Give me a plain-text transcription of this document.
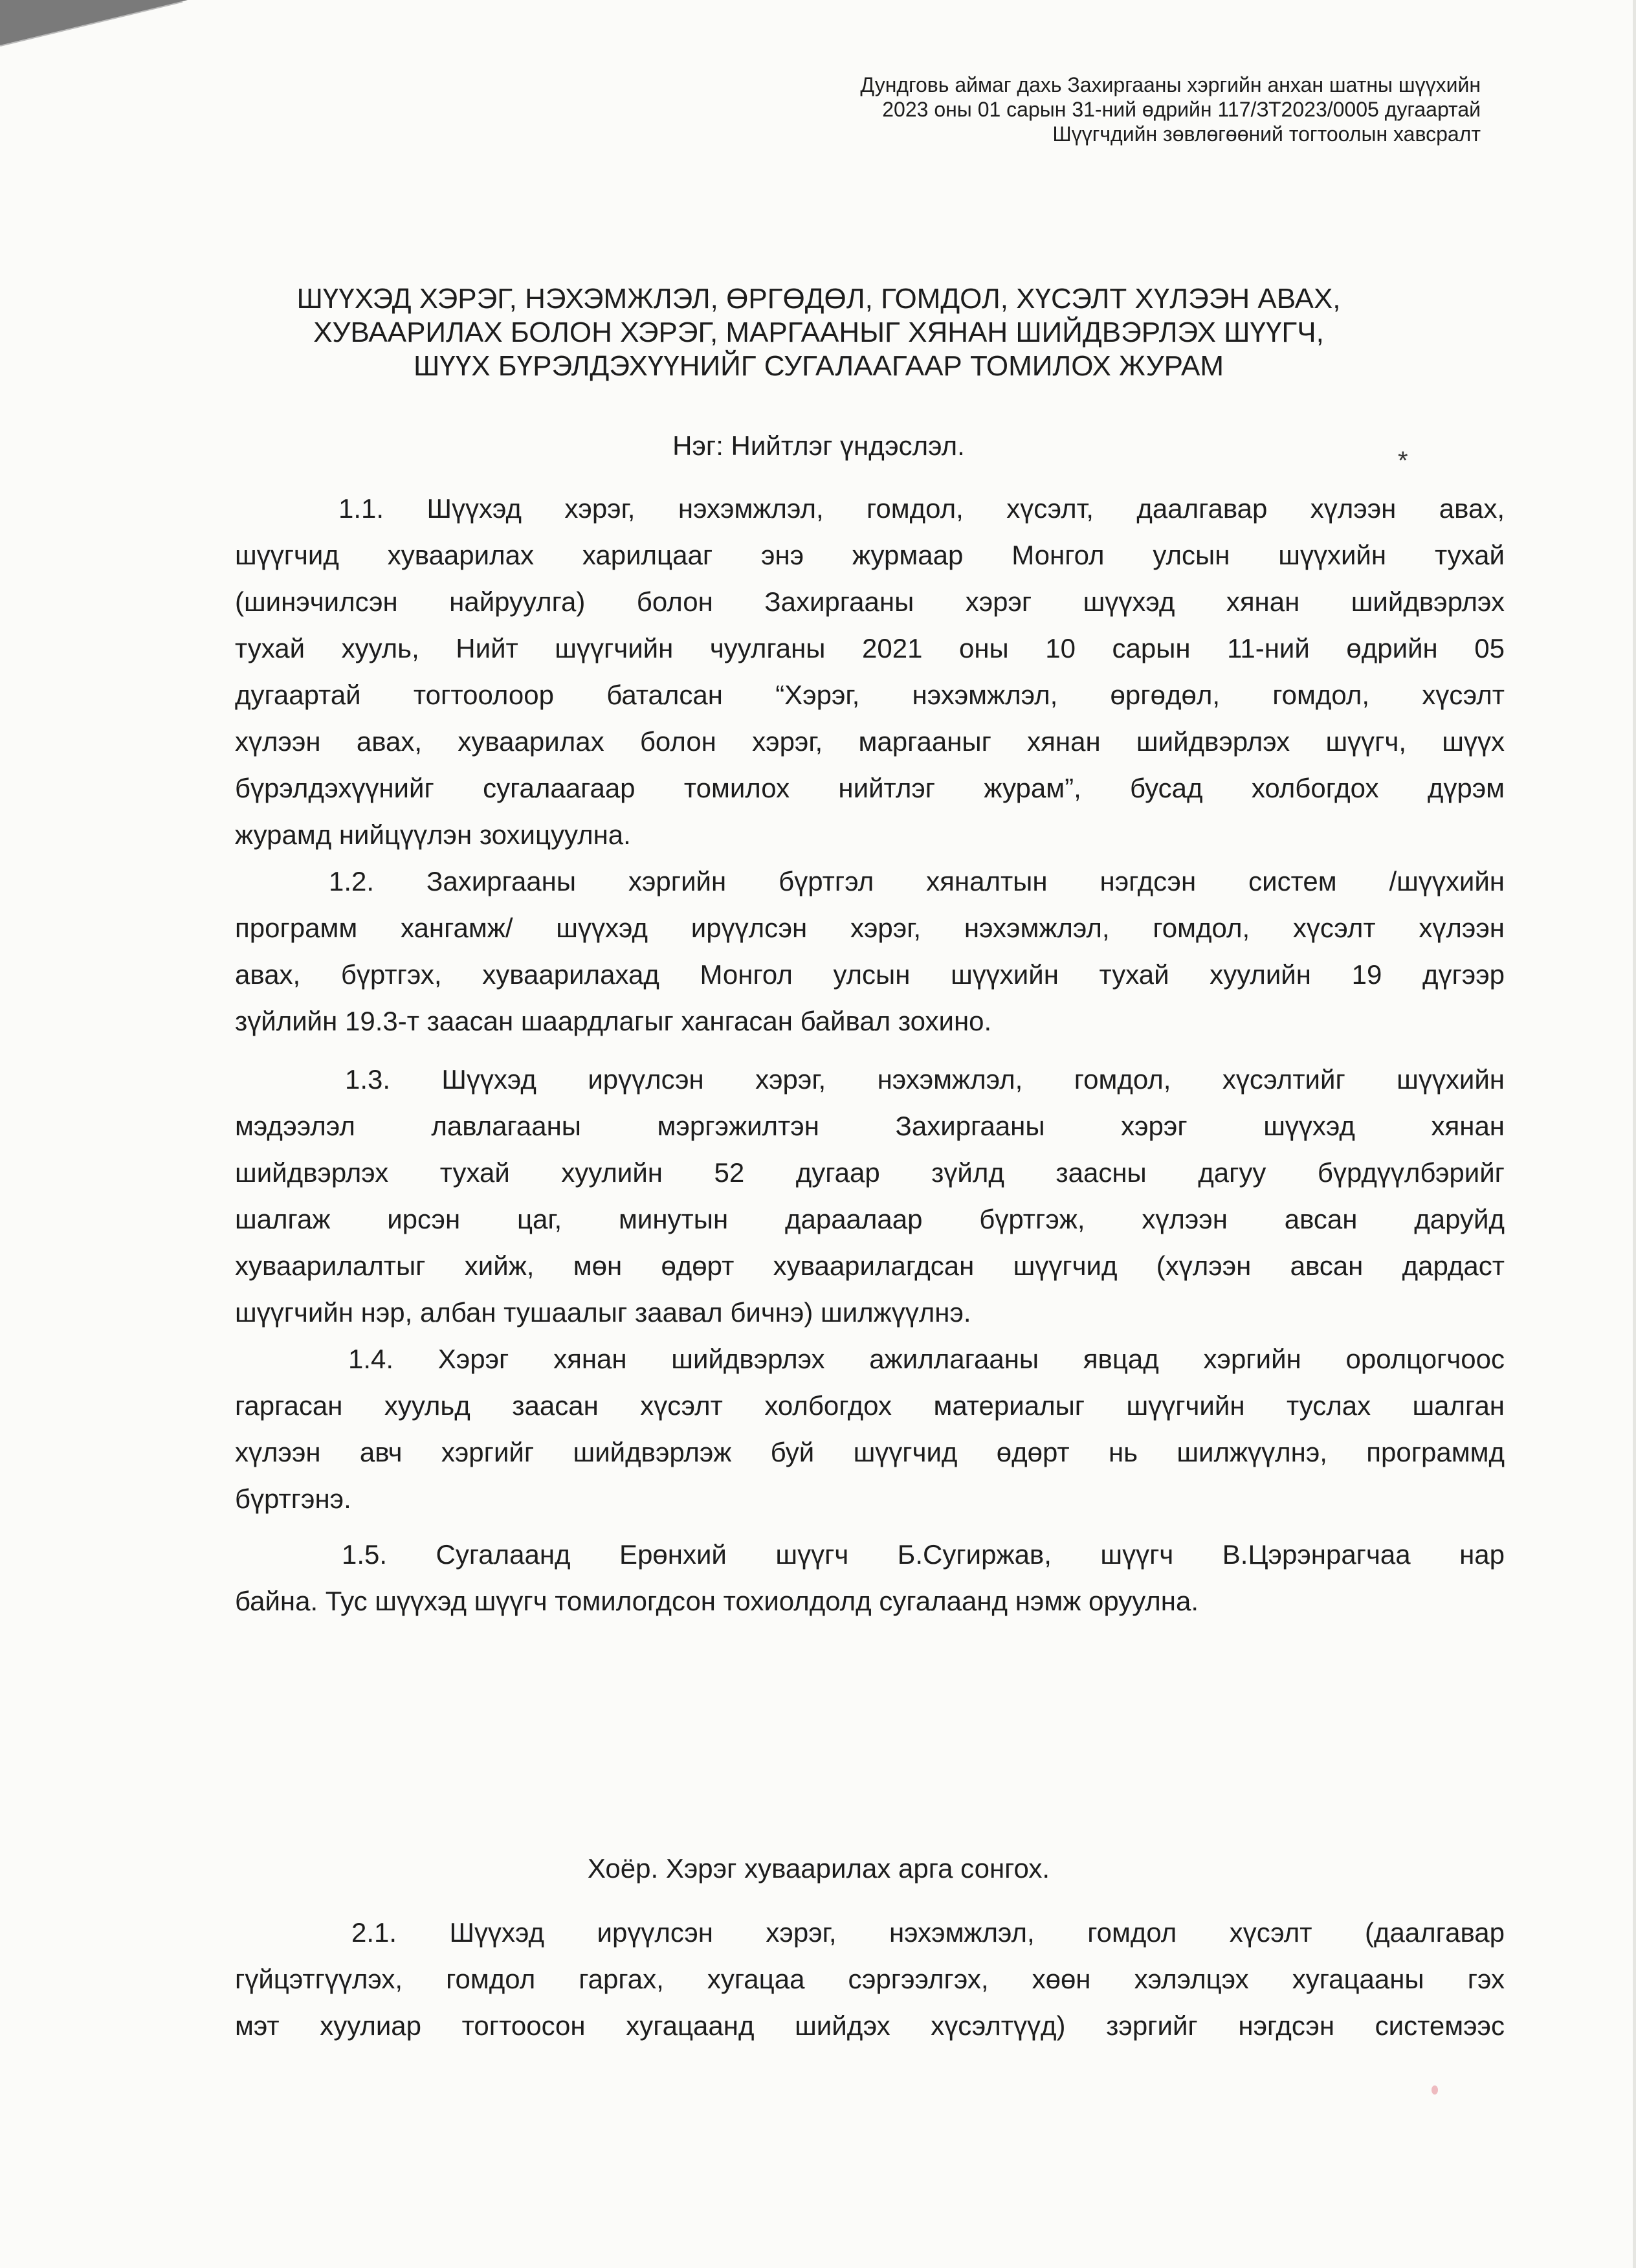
Дундговь аймаг дахь Захиргааны хэргийн анхан шатны шүүхийн
2023 оны 01 сарын 31-ний өдрийн 117/ЗТ2023/0005 дугаартай
Шүүгчдийн зөвлөгөөний тогтоолын хавсралт
ШҮҮХЭД ХЭРЭГ, НЭХЭМЖЛЭЛ, ӨРГӨДӨЛ, ГОМДОЛ, ХҮСЭЛТ ХҮЛЭЭН АВАХ,
ХУВААРИЛАХ БОЛОН ХЭРЭГ, МАРГААНЫГ ХЯНАН ШИЙДВЭРЛЭХ ШҮҮГЧ,
ШҮҮХ БҮРЭЛДЭХҮҮНИЙГ СУГАЛААГААР ТОМИЛОХ ЖУРАМ
Нэг: Нийтлэг үндэслэл.	*
1.1. Шүүхэд хэрэг, нэхэмжлэл, гомдол, хүсэлт, даалгавар хүлээн авах,
шүүгчид хуваарилах харилцааг энэ журмаар Монгол улсын шүүхийн тухай
(шинэчилсэн найруулга) болон Захиргааны хэрэг шүүхэд хянан шийдвэрлэх
тухай хууль, Нийт шүүгчийн чуулганы 2021 оны 10 сарын 11-ний өдрийн 05
дугаартай тогтоолоор баталсан “Хэрэг, нэхэмжлэл, өргөдөл, гомдол, хүсэлт
хүлээн авах, хуваарилах болон хэрэг, маргааныг хянан шийдвэрлэх шүүгч, шүүх
бүрэлдэхүүнийг сугалаагаар томилох нийтлэг журам”, бусад холбогдох дүрэм
журамд нийцүүлэн зохицуулна.
1.2. Захиргааны хэргийн бүртгэл хяналтын нэгдсэн систем /шүүхийн
программ хангамж/ шүүхэд ирүүлсэн хэрэг, нэхэмжлэл, гомдол, хүсэлт хүлээн
авах, бүртгэх, хуваарилахад Монгол улсын шүүхийн тухай хуулийн 19 дүгээр
зүйлийн 19.3-т заасан шаардлагыг хангасан байвал зохино.
1.3. Шүүхэд ирүүлсэн хэрэг, нэхэмжлэл, гомдол, хүсэлтийг шүүхийн
мэдээлэл лавлагааны мэргэжилтэн Захиргааны хэрэг шүүхэд хянан
шийдвэрлэх тухай хуулийн 52 дугаар зүйлд заасны дагуу бүрдүүлбэрийг
шалгаж ирсэн цаг, минутын дараалаар бүртгэж, хүлээн авсан даруйд
хуваарилалтыг хийж, мөн өдөрт хуваарилагдсан шүүгчид (хүлээн авсан дардаст
шүүгчийн нэр, албан тушаалыг заавал бичнэ) шилжүүлнэ.
1.4. Хэрэг хянан шийдвэрлэх ажиллагааны явцад хэргийн оролцогчоос
гаргасан хуульд заасан хүсэлт холбогдох материалыг шүүгчийн туслах шалган
хүлээн авч хэргийг шийдвэрлэж буй шүүгчид өдөрт нь шилжүүлнэ, программд
бүртгэнэ.
1.5. Сугалаанд Ерөнхий шүүгч Б.Сугиржав, шүүгч В.Цэрэнрагчаа нар
байна. Тус шүүхэд шүүгч томилогдсон тохиолдолд сугалаанд нэмж оруулна.
Хоёр. Хэрэг хуваарилах арга сонгох.
2.1. Шүүхэд ирүүлсэн хэрэг, нэхэмжлэл, гомдол хүсэлт (даалгавар
гүйцэтгүүлэх, гомдол гаргах, хугацаа сэргээлгэх, хөөн хэлэлцэх хугацааны гэх
мэт хуулиар тогтоосон хугацаанд шийдэх хүсэлтүүд) зэргийг нэгдсэн системээс
